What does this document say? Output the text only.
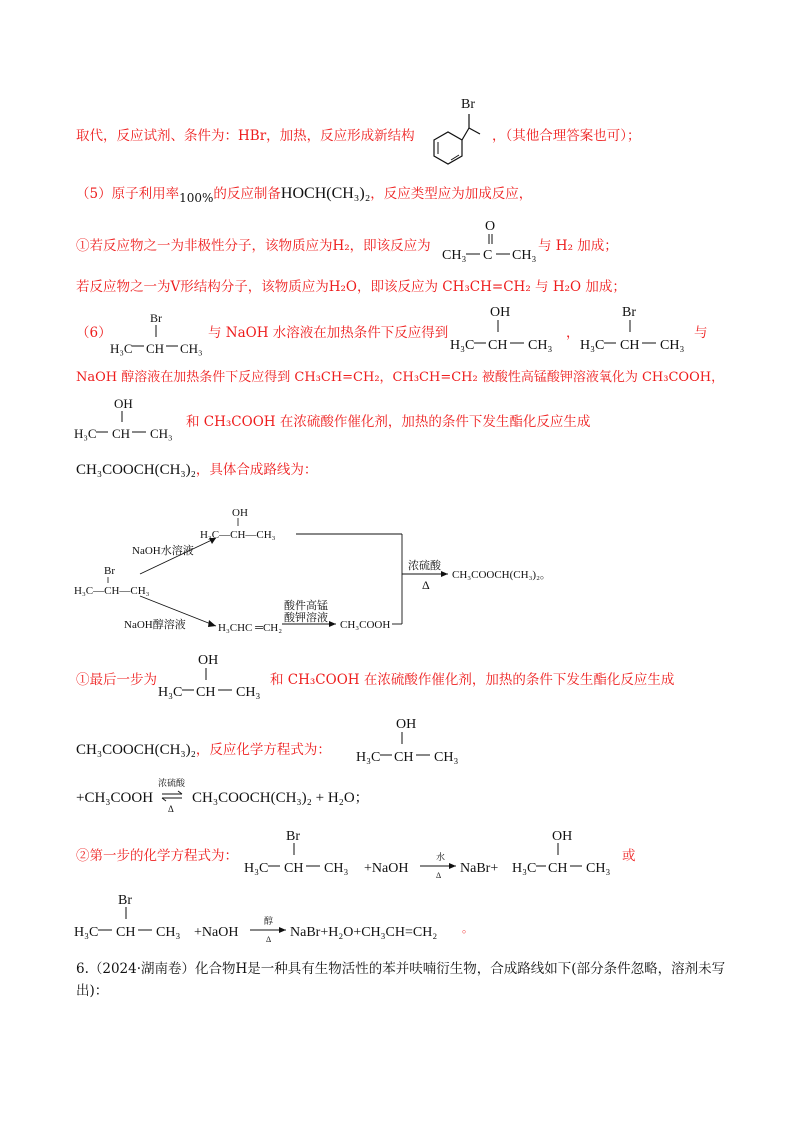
取代，反应试剂、条件为：HBr，加热，反应形成新结构
Br
，（其他合理答案也可）；
（5）原子利用率100%的反应制备HOCH(CH₃)₂，反应类型应为加成反应，
①若反应物之一为非极性分子，该物质应为H₂，即该反应为
CH₃ C
O
CH₃
与 H₂ 加成；
若反应物之一为V形结构分子，该物质应为H₂O，即该反应为 CH₃CH=CH₂ 与 H₂O 加成；
（6）
Br
H₃C CH CH₃
与 NaOH 水溶液在加热条件下反应得到
OH
H₃C CH CH₃
，
Br
H₃C CH CH₃
与
NaOH 醇溶液在加热条件下反应得到 CH₃CH=CH₂，CH₃CH=CH₂ 被酸性高锰酸钾溶液氧化为 CH₃COOH，
OH
H₃C CH CH₃
和 CH₃COOH 在浓硫酸作催化剂，加热的条件下发生酯化反应生成
CH₃COOCH(CH₃)₂，具体合成路线为：
Br
H₃C—CH—CH₃
NaOH水溶液
OH
H₃C—CH—CH₃
NaOH醇溶液	H₃CHC ═CH₂
酸件高锰
酸钾溶液
CH₃COOH
浓硫酸
Δ
CH₃COOCH(CH₃)₂。
①最后一步为
OH
H₃C CH CH₃
和 CH₃COOH 在浓硫酸作催化剂，加热的条件下发生酯化反应生成
CH₃COOCH(CH₃)₂，反应化学方程式为：
OH
H₃C CH CH₃
+CH₃COOH
浓硫酸
Δ
CH₃COOCH(CH₃)₂ + H₂O；
②第一步的化学方程式为：
Br
H₃C CH CH₃ +NaOH
水
Δ NaBr+
OH
H₃C CH CH₃
或
Br
H₃C CH CH₃ +NaOH
醇
Δ NaBr+H₂O+CH₃CH=CH₂ 。
6.（2024·湖南卷）化合物H是一种具有生物活性的苯并呋喃衍生物，合成路线如下(部分条件忽略，溶剂未写出)：
